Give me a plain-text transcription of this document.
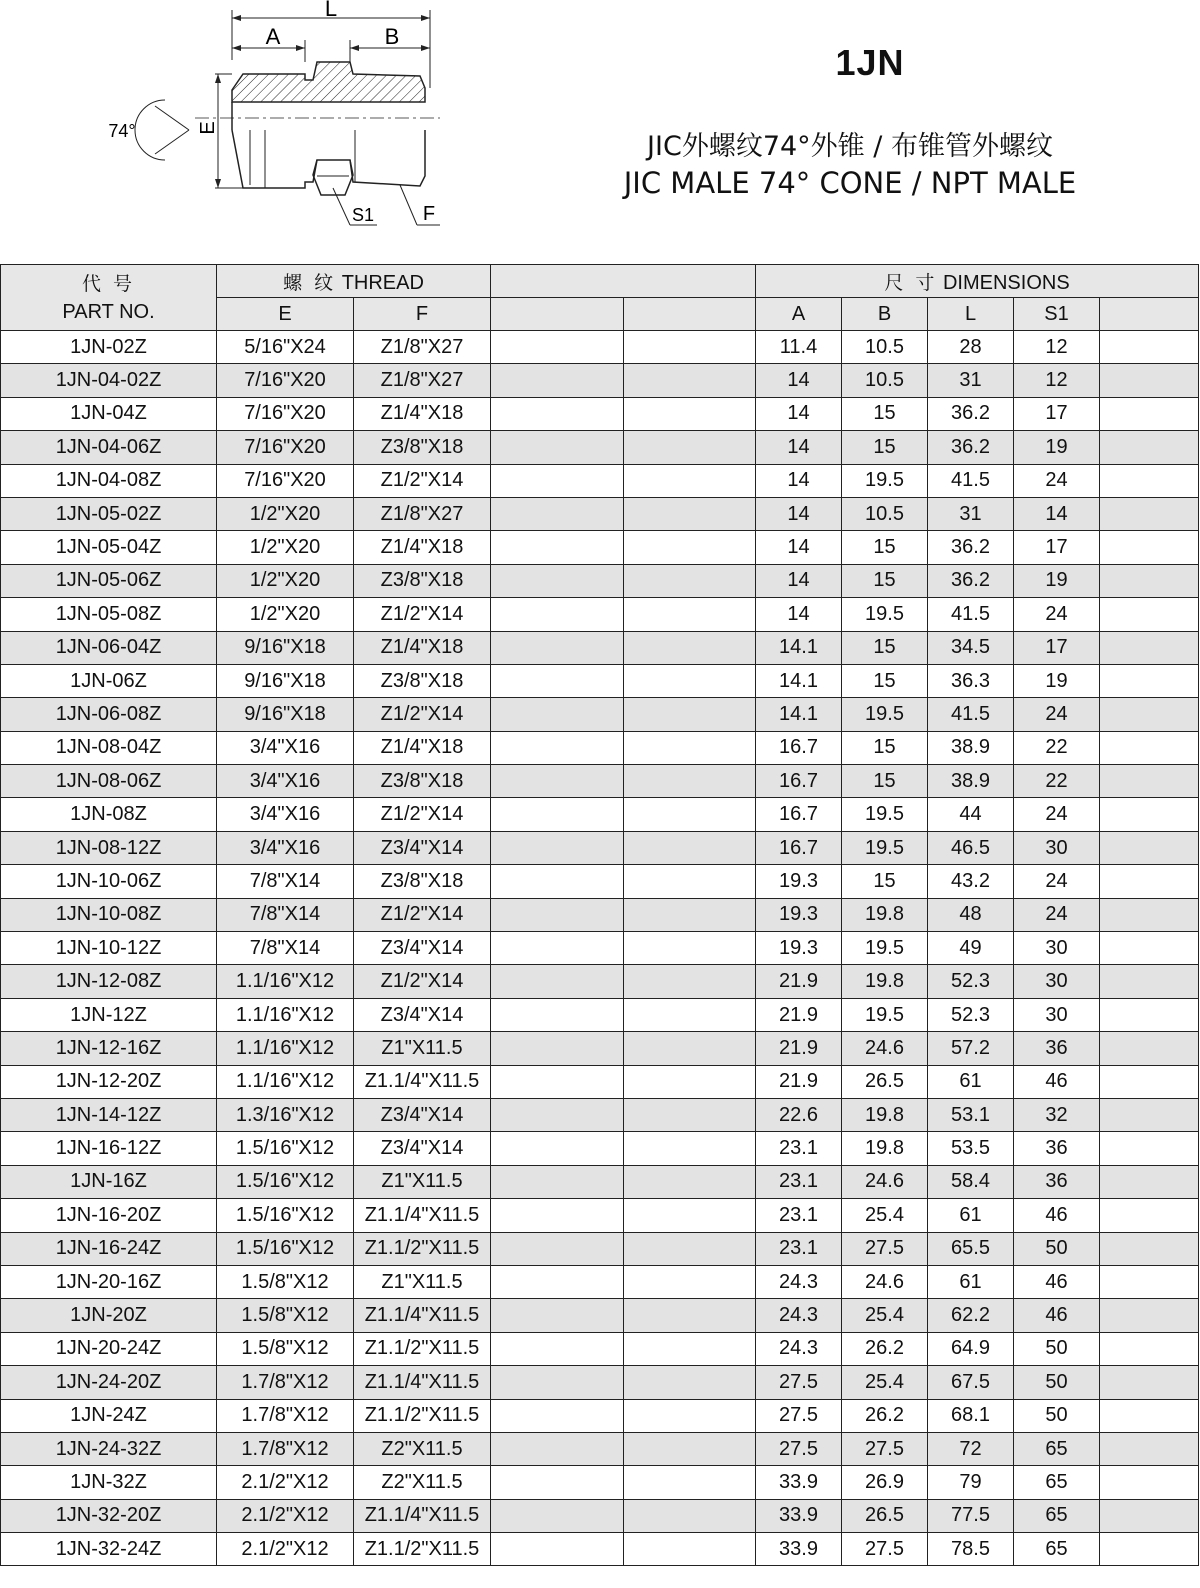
L
A	B
E
74°
S1 F
1JN
JIC外螺纹74°外锥 / 布锥管外螺纹
JIC MALE 74° CONE / NPT MALE
代 号
PART NO.	螺 纹 THREAD				尺 寸 DIMENSIONS				
	E	F			A	B	L	S1	
1JN-02Z	5/16"X24	Z1/8"X27			11.4	10.5	28	12	
1JN-04-02Z	7/16"X20	Z1/8"X27			14	10.5	31	12	
1JN-04Z	7/16"X20	Z1/4"X18			14	15	36.2	17	
1JN-04-06Z	7/16"X20	Z3/8"X18			14	15	36.2	19	
1JN-04-08Z	7/16"X20	Z1/2"X14			14	19.5	41.5	24	
1JN-05-02Z	1/2"X20	Z1/8"X27			14	10.5	31	14	
1JN-05-04Z	1/2"X20	Z1/4"X18			14	15	36.2	17	
1JN-05-06Z	1/2"X20	Z3/8"X18			14	15	36.2	19	
1JN-05-08Z	1/2"X20	Z1/2"X14			14	19.5	41.5	24	
1JN-06-04Z	9/16"X18	Z1/4"X18			14.1	15	34.5	17	
1JN-06Z	9/16"X18	Z3/8"X18			14.1	15	36.3	19	
1JN-06-08Z	9/16"X18	Z1/2"X14			14.1	19.5	41.5	24	
1JN-08-04Z	3/4"X16	Z1/4"X18			16.7	15	38.9	22	
1JN-08-06Z	3/4"X16	Z3/8"X18			16.7	15	38.9	22	
1JN-08Z	3/4"X16	Z1/2"X14			16.7	19.5	44	24	
1JN-08-12Z	3/4"X16	Z3/4"X14			16.7	19.5	46.5	30	
1JN-10-06Z	7/8"X14	Z3/8"X18			19.3	15	43.2	24	
1JN-10-08Z	7/8"X14	Z1/2"X14			19.3	19.8	48	24	
1JN-10-12Z	7/8"X14	Z3/4"X14			19.3	19.5	49	30	
1JN-12-08Z	1.1/16"X12	Z1/2"X14			21.9	19.8	52.3	30	
1JN-12Z	1.1/16"X12	Z3/4"X14			21.9	19.5	52.3	30	
1JN-12-16Z	1.1/16"X12	Z1"X11.5			21.9	24.6	57.2	36	
1JN-12-20Z	1.1/16"X12	Z1.1/4"X11.5			21.9	26.5	61	46	
1JN-14-12Z	1.3/16"X12	Z3/4"X14			22.6	19.8	53.1	32	
1JN-16-12Z	1.5/16"X12	Z3/4"X14			23.1	19.8	53.5	36	
1JN-16Z	1.5/16"X12	Z1"X11.5			23.1	24.6	58.4	36	
1JN-16-20Z	1.5/16"X12	Z1.1/4"X11.5			23.1	25.4	61	46	
1JN-16-24Z	1.5/16"X12	Z1.1/2"X11.5			23.1	27.5	65.5	50	
1JN-20-16Z	1.5/8"X12	Z1"X11.5			24.3	24.6	61	46	
1JN-20Z	1.5/8"X12	Z1.1/4"X11.5			24.3	25.4	62.2	46	
1JN-20-24Z	1.5/8"X12	Z1.1/2"X11.5			24.3	26.2	64.9	50	
1JN-24-20Z	1.7/8"X12	Z1.1/4"X11.5			27.5	25.4	67.5	50	
1JN-24Z	1.7/8"X12	Z1.1/2"X11.5			27.5	26.2	68.1	50	
1JN-24-32Z	1.7/8"X12	Z2"X11.5			27.5	27.5	72	65	
1JN-32Z	2.1/2"X12	Z2"X11.5			33.9	26.9	79	65	
1JN-32-20Z	2.1/2"X12	Z1.1/4"X11.5			33.9	26.5	77.5	65	
1JN-32-24Z	2.1/2"X12	Z1.1/2"X11.5			33.9	27.5	78.5	65	
